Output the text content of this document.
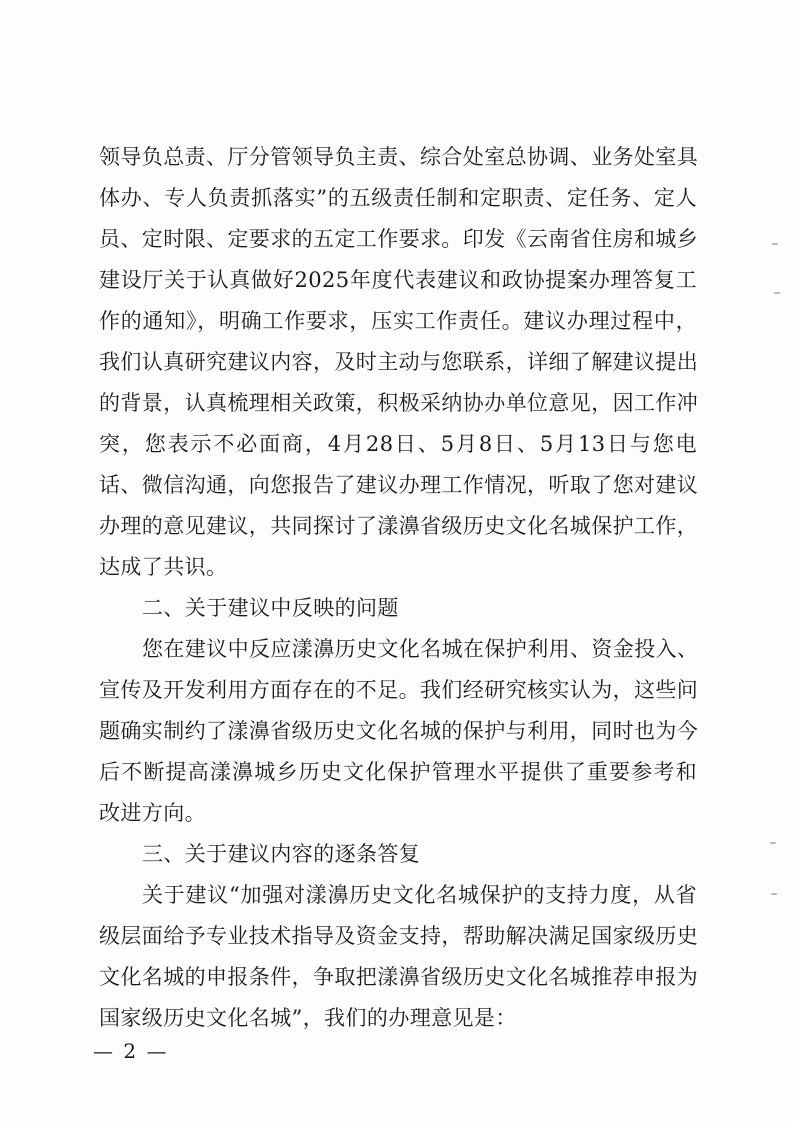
领导负总责、厅分管领导负主责、综合处室总协调、业务处室具
体办、专人负责抓落实”的五级责任制和定职责、定任务、定人
员、定时限、定要求的五定工作要求。印发《云南省住房和城乡
建设厅关于认真做好2025年度代表建议和政协提案办理答复工
作的通知》，明确工作要求，压实工作责任。建议办理过程中，
我们认真研究建议内容，及时主动与您联系，详细了解建议提出
的背景，认真梳理相关政策，积极采纳协办单位意见，因工作冲
突，您表示不必面商，4月28日、5月8日、5月13日与您电
话、微信沟通，向您报告了建议办理工作情况，听取了您对建议
办理的意见建议，共同探讨了漾濞省级历史文化名城保护工作，
达成了共识。
二、关于建议中反映的问题
您在建议中反应漾濞历史文化名城在保护利用、资金投入、
宣传及开发利用方面存在的不足。我们经研究核实认为，这些问
题确实制约了漾濞省级历史文化名城的保护与利用，同时也为今
后不断提高漾濞城乡历史文化保护管理水平提供了重要参考和
改进方向。
三、关于建议内容的逐条答复
关于建议“加强对漾濞历史文化名城保护的支持力度，从省
级层面给予专业技术指导及资金支持，帮助解决满足国家级历史
文化名城的申报条件，争取把漾濞省级历史文化名城推荐申报为
国家级历史文化名城”，我们的办理意见是：
— 2 —
